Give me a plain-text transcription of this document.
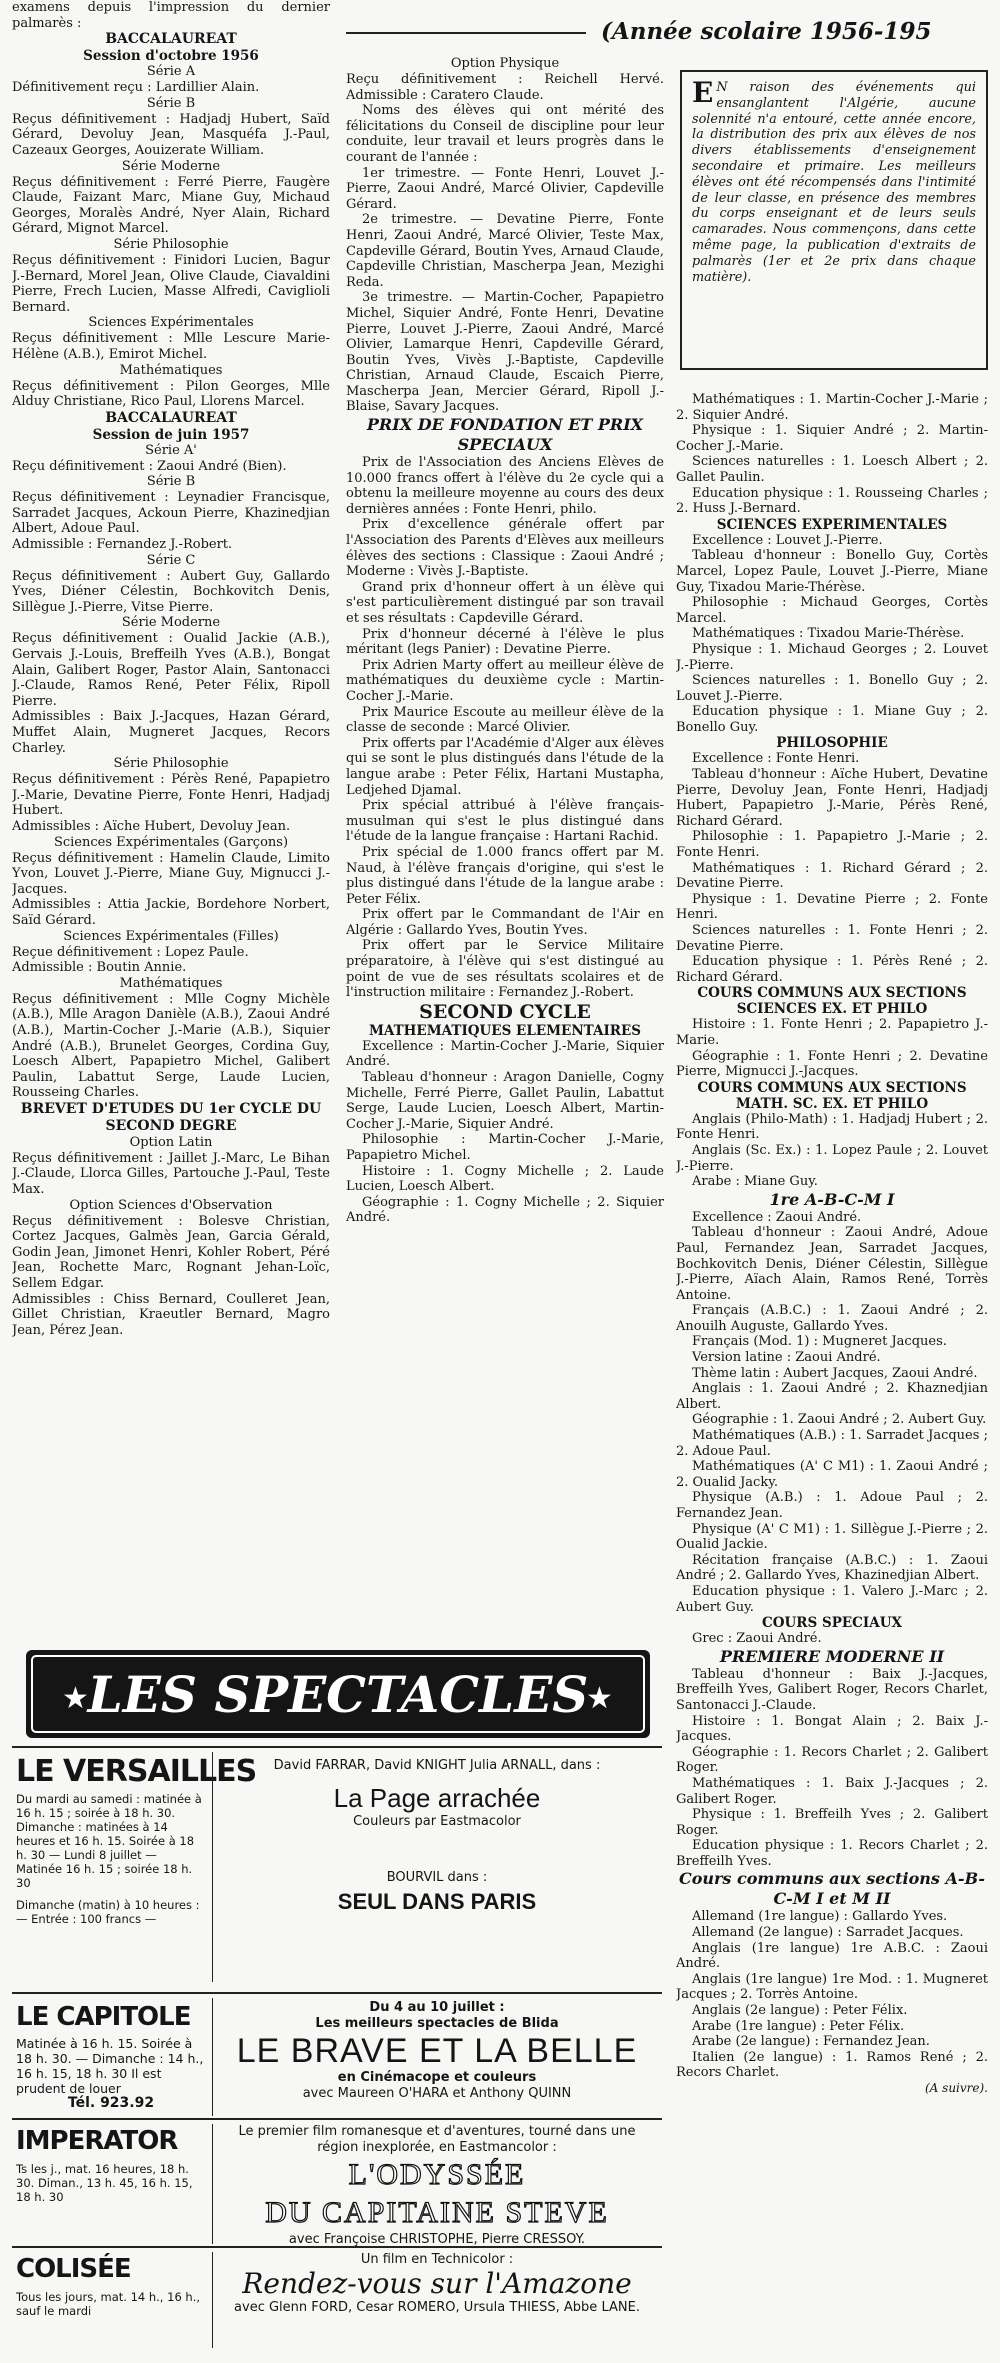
(Année scolaire 1956-195
E N raison des événements qui ensanglantent l'Algérie, aucune solennité n'a entouré, cette année encore, la distribution des prix aux élèves de nos divers établissements d'enseignement secondaire et primaire. Les meilleurs élèves ont été récompensés dans l'intimité de leur classe, en présence des membres du corps enseignant et de leurs seuls camarades. Nous commençons, dans cette même page, la publication d'extraits de palmarès (1er et 2e prix dans chaque matière).

examens depuis l'impression du dernier palmarès :

BACCALAUREAT

Session d'octobre 1956

Série A

Définitivement reçu : Lardillier Alain.

Série B

Reçus définitivement : Hadjadj Hubert, Saïd Gérard, Devoluy Jean, Masquéfa J.-Paul, Cazeaux Georges, Aouizerate William.

Série Moderne

Reçus définitivement : Ferré Pierre, Faugère Claude, Faizant Marc, Miane Guy, Michaud Georges, Moralès André, Nyer Alain, Richard Gérard, Mignot Marcel.

Série Philosophie

Reçus définitivement : Finidori Lucien, Bagur J.-Bernard, Morel Jean, Olive Claude, Ciavaldini Pierre, Frech Lucien, Masse Alfredi, Caviglioli Bernard.

Sciences Expérimentales

Reçus définitivement : Mlle Lescure Marie-Hélène (A.B.), Emirot Michel.

Mathématiques

Reçus définitivement : Pilon Georges, Mlle Alduy Christiane, Rico Paul, Llorens Marcel.

BACCALAUREAT

Session de juin 1957

Série A'

Reçu définitivement : Zaoui André (Bien).

Série B

Reçus définitivement : Leynadier Francisque, Sarradet Jacques, Ackoun Pierre, Khazinedjian Albert, Adoue Paul.

Admissible : Fernandez J.-Robert.

Série C

Reçus définitivement : Aubert Guy, Gallardo Yves, Diéner Célestin, Bochkovitch Denis, Sillègue J.-Pierre, Vitse Pierre.

Série Moderne

Reçus définitivement : Oualid Jackie (A.B.), Gervais J.-Louis, Breffeilh Yves (A.B.), Bongat Alain, Galibert Roger, Pastor Alain, Santonacci J.-Claude, Ramos René, Peter Félix, Ripoll Pierre.

Admissibles : Baix J.-Jacques, Hazan Gérard, Muffet Alain, Mugneret Jacques, Recors Charley.

Série Philosophie

Reçus définitivement : Pérès René, Papapietro J.-Marie, Devatine Pierre, Fonte Henri, Hadjadj Hubert.

Admissibles : Aïche Hubert, Devoluy Jean.

Sciences Expérimentales (Garçons)

Reçus définitivement : Hamelin Claude, Limito Yvon, Louvet J.-Pierre, Miane Guy, Mignucci J.-Jacques.

Admissibles : Attia Jackie, Bordehore Norbert, Saïd Gérard.

Sciences Expérimentales (Filles)

Reçue définitivement : Lopez Paule.

Admissible : Boutin Annie.

Mathématiques

Reçus définitivement : Mlle Cogny Michèle (A.B.), Mlle Aragon Danièle (A.B.), Zaoui André (A.B.), Martin-Cocher J.-Marie (A.B.), Siquier André (A.B.), Brunelet Georges, Cordina Guy, Loesch Albert, Papapietro Michel, Galibert Paulin, Labattut Serge, Laude Lucien, Rousseing Charles.

BREVET D'ETUDES DU 1er CYCLE DU SECOND DEGRE

Option Latin

Reçus définitivement : Jaillet J.-Marc, Le Bihan J.-Claude, Llorca Gilles, Partouche J.-Paul, Teste Max.

Option Sciences d'Observation

Reçus définitivement : Bolesve Christian, Cortez Jacques, Galmès Jean, Garcia Gérald, Godin Jean, Jimonet Henri, Kohler Robert, Péré Jean, Rochette Marc, Rognant Jehan-Loïc, Sellem Edgar.

Admissibles : Chiss Bernard, Coulleret Jean, Gillet Christian, Kraeutler Bernard, Magro Jean, Pérez Jean.

Option Physique

Reçu définitivement : Reichell Hervé. Admissible : Caratero Claude.

Noms des élèves qui ont mérité des félicitations du Conseil de discipline pour leur conduite, leur travail et leurs progrès dans le courant de l'année :

1er trimestre. — Fonte Henri, Louvet J.-Pierre, Zaoui André, Marcé Olivier, Capdeville Gérard.

2e trimestre. — Devatine Pierre, Fonte Henri, Zaoui André, Marcé Olivier, Teste Max, Capdeville Gérard, Boutin Yves, Arnaud Claude, Capdeville Christian, Mascherpa Jean, Mezighi Reda.

3e trimestre. — Martin-Cocher, Papapietro Michel, Siquier André, Fonte Henri, Devatine Pierre, Louvet J.-Pierre, Zaoui André, Marcé Olivier, Lamarque Henri, Capdeville Gérard, Boutin Yves, Vivès J.-Baptiste, Capdeville Christian, Arnaud Claude, Escaich Pierre, Mascherpa Jean, Mercier Gérard, Ripoll J.-Blaise, Savary Jacques.

PRIX DE FONDATION ET PRIX SPECIAUX

Prix de l'Association des Anciens Elèves de 10.000 francs offert à l'élève du 2e cycle qui a obtenu la meilleure moyenne au cours des deux dernières années : Fonte Henri, philo.

Prix d'excellence générale offert par l'Association des Parents d'Elèves aux meilleurs élèves des sections : Classique : Zaoui André ; Moderne : Vivès J.-Baptiste.

Grand prix d'honneur offert à un élève qui s'est particulièrement distingué par son travail et ses résultats : Capdeville Gérard.

Prix d'honneur décerné à l'élève le plus méritant (legs Panier) : Devatine Pierre.

Prix Adrien Marty offert au meilleur élève de mathématiques du deuxième cycle : Martin-Cocher J.-Marie.

Prix Maurice Escoute au meilleur élève de la classe de seconde : Marcé Olivier.

Prix offerts par l'Académie d'Alger aux élèves qui se sont le plus distingués dans l'étude de la langue arabe : Peter Félix, Hartani Mustapha, Ledjehed Djamal.

Prix spécial attribué à l'élève français-musulman qui s'est le plus distingué dans l'étude de la langue française : Hartani Rachid.

Prix spécial de 1.000 francs offert par M. Naud, à l'élève français d'origine, qui s'est le plus distingué dans l'étude de la langue arabe : Peter Félix.

Prix offert par le Commandant de l'Air en Algérie : Gallardo Yves, Boutin Yves.

Prix offert par le Service Militaire préparatoire, à l'élève qui s'est distingué au point de vue de ses résultats scolaires et de l'instruction militaire : Fernandez J.-Robert.

SECOND CYCLE

MATHEMATIQUES ELEMENTAIRES

Excellence : Martin-Cocher J.-Marie, Siquier André.

Tableau d'honneur : Aragon Danielle, Cogny Michelle, Ferré Pierre, Gallet Paulin, Labattut Serge, Laude Lucien, Loesch Albert, Martin-Cocher J.-Marie, Siquier André.

Philosophie : Martin-Cocher J.-Marie, Papapietro Michel.

Histoire : 1. Cogny Michelle ; 2. Laude Lucien, Loesch Albert.

Géographie : 1. Cogny Michelle ; 2. Siquier André.

Mathématiques : 1. Martin-Cocher J.-Marie ; 2. Siquier André.

Physique : 1. Siquier André ; 2. Martin-Cocher J.-Marie.

Sciences naturelles : 1. Loesch Albert ; 2. Gallet Paulin.

Education physique : 1. Rousseing Charles ; 2. Huss J.-Bernard.

SCIENCES EXPERIMENTALES

Excellence : Louvet J.-Pierre.

Tableau d'honneur : Bonello Guy, Cortès Marcel, Lopez Paule, Louvet J.-Pierre, Miane Guy, Tixadou Marie-Thérèse.

Philosophie : Michaud Georges, Cortès Marcel.

Mathématiques : Tixadou Marie-Thérèse.

Physique : 1. Michaud Georges ; 2. Louvet J.-Pierre.

Sciences naturelles : 1. Bonello Guy ; 2. Louvet J.-Pierre.

Education physique : 1. Miane Guy ; 2. Bonello Guy.

PHILOSOPHIE

Excellence : Fonte Henri.

Tableau d'honneur : Aïche Hubert, Devatine Pierre, Devoluy Jean, Fonte Henri, Hadjadj Hubert, Papapietro J.-Marie, Pérès René, Richard Gérard.

Philosophie : 1. Papapietro J.-Marie ; 2. Fonte Henri.

Mathématiques : 1. Richard Gérard ; 2. Devatine Pierre.

Physique : 1. Devatine Pierre ; 2. Fonte Henri.

Sciences naturelles : 1. Fonte Henri ; 2. Devatine Pierre.

Education physique : 1. Pérès René ; 2. Richard Gérard.

COURS COMMUNS AUX SECTIONS SCIENCES EX. ET PHILO

Histoire : 1. Fonte Henri ; 2. Papapietro J.-Marie.

Géographie : 1. Fonte Henri ; 2. Devatine Pierre, Mignucci J.-Jacques.

COURS COMMUNS AUX SECTIONS MATH. SC. EX. ET PHILO

Anglais (Philo-Math) : 1. Hadjadj Hubert ; 2. Fonte Henri.

Anglais (Sc. Ex.) : 1. Lopez Paule ; 2. Louvet J.-Pierre.

Arabe : Miane Guy.

1re A-B-C-M I

Excellence : Zaoui André.

Tableau d'honneur : Zaoui André, Adoue Paul, Fernandez Jean, Sarradet Jacques, Bochkovitch Denis, Diéner Célestin, Sillègue J.-Pierre, Aïach Alain, Ramos René, Torrès Antoine.

Français (A.B.C.) : 1. Zaoui André ; 2. Anouilh Auguste, Gallardo Yves.

Français (Mod. 1) : Mugneret Jacques.

Version latine : Zaoui André.

Thème latin : Aubert Jacques, Zaoui André.

Anglais : 1. Zaoui André ; 2. Khaznedjian Albert.

Géographie : 1. Zaoui André ; 2. Aubert Guy.

Mathématiques (A.B.) : 1. Sarradet Jacques ; 2. Adoue Paul.

Mathématiques (A' C M1) : 1. Zaoui André ; 2. Oualid Jacky.

Physique (A.B.) : 1. Adoue Paul ; 2. Fernandez Jean.

Physique (A' C M1) : 1. Sillègue J.-Pierre ; 2. Oualid Jackie.

Récitation française (A.B.C.) : 1. Zaoui André ; 2. Gallardo Yves, Khazinedjian Albert.

Education physique : 1. Valero J.-Marc ; 2. Aubert Guy.

COURS SPECIAUX

Grec : Zaoui André.

PREMIERE MODERNE II

Tableau d'honneur : Baix J.-Jacques, Breffeilh Yves, Galibert Roger, Recors Charlet, Santonacci J.-Claude.

Histoire : 1. Bongat Alain ; 2. Baix J.-Jacques.

Géographie : 1. Recors Charlet ; 2. Galibert Roger.

Mathématiques : 1. Baix J.-Jacques ; 2. Galibert Roger.

Physique : 1. Breffeilh Yves ; 2. Galibert Roger.

Education physique : 1. Recors Charlet ; 2. Breffeilh Yves.

Cours communs aux sections A-B-C-M I et M II

Allemand (1re langue) : Gallardo Yves.

Allemand (2e langue) : Sarradet Jacques.

Anglais (1re langue) 1re A.B.C. : Zaoui André.

Anglais (1re langue) 1re Mod. : 1. Mugneret Jacques ; 2. Torrès Antoine.

Anglais (2e langue) : Peter Félix.

Arabe (1re langue) : Peter Félix.

Arabe (2e langue) : Fernandez Jean.

Italien (2e langue) : 1. Ramos René ; 2. Recors Charlet.

(A suivre).

★	★
LES SPECTACLES
LE VERSAILLES
Du mardi au samedi : matinée à 16 h. 15 ; soirée à 18 h. 30. Dimanche : matinées à 14 heures et 16 h. 15. Soirée à 18 h. 30 — Lundi 8 juillet — Matinée 16 h. 15 ; soirée 18 h. 30
Dimanche (matin) à 10 heures : — Entrée : 100 francs —
David FARRAR, David KNIGHT Julia ARNALL, dans :
La Page arrachée
Couleurs par Eastmacolor
BOURVIL dans :
SEUL DANS PARIS
LE CAPITOLE
Matinée à 16 h. 15. Soirée à 18 h. 30. — Dimanche : 14 h., 16 h. 15, 18 h. 30 Il est prudent de louer
Tél. 923.92
Du 4 au 10 juillet :
Les meilleurs spectacles de Blida
LE BRAVE ET LA BELLE
en Cinémacope et couleurs
avec Maureen O'HARA et Anthony QUINN
IMPERATOR
Ts les j., mat. 16 heures, 18 h. 30. Diman., 13 h. 45, 16 h. 15, 18 h. 30
Le premier film romanesque et d'aventures, tourné dans une région inexplorée, en Eastmancolor :
L'ODYSSÉE
DU CAPITAINE STEVE
avec Françoise CHRISTOPHE, Pierre CRESSOY.
COLISÉE
Tous les jours, mat. 14 h., 16 h., sauf le mardi
Un film en Technicolor :
Rendez-vous sur l'Amazone
avec Glenn FORD, Cesar ROMERO, Ursula THIESS, Abbe LANE.
